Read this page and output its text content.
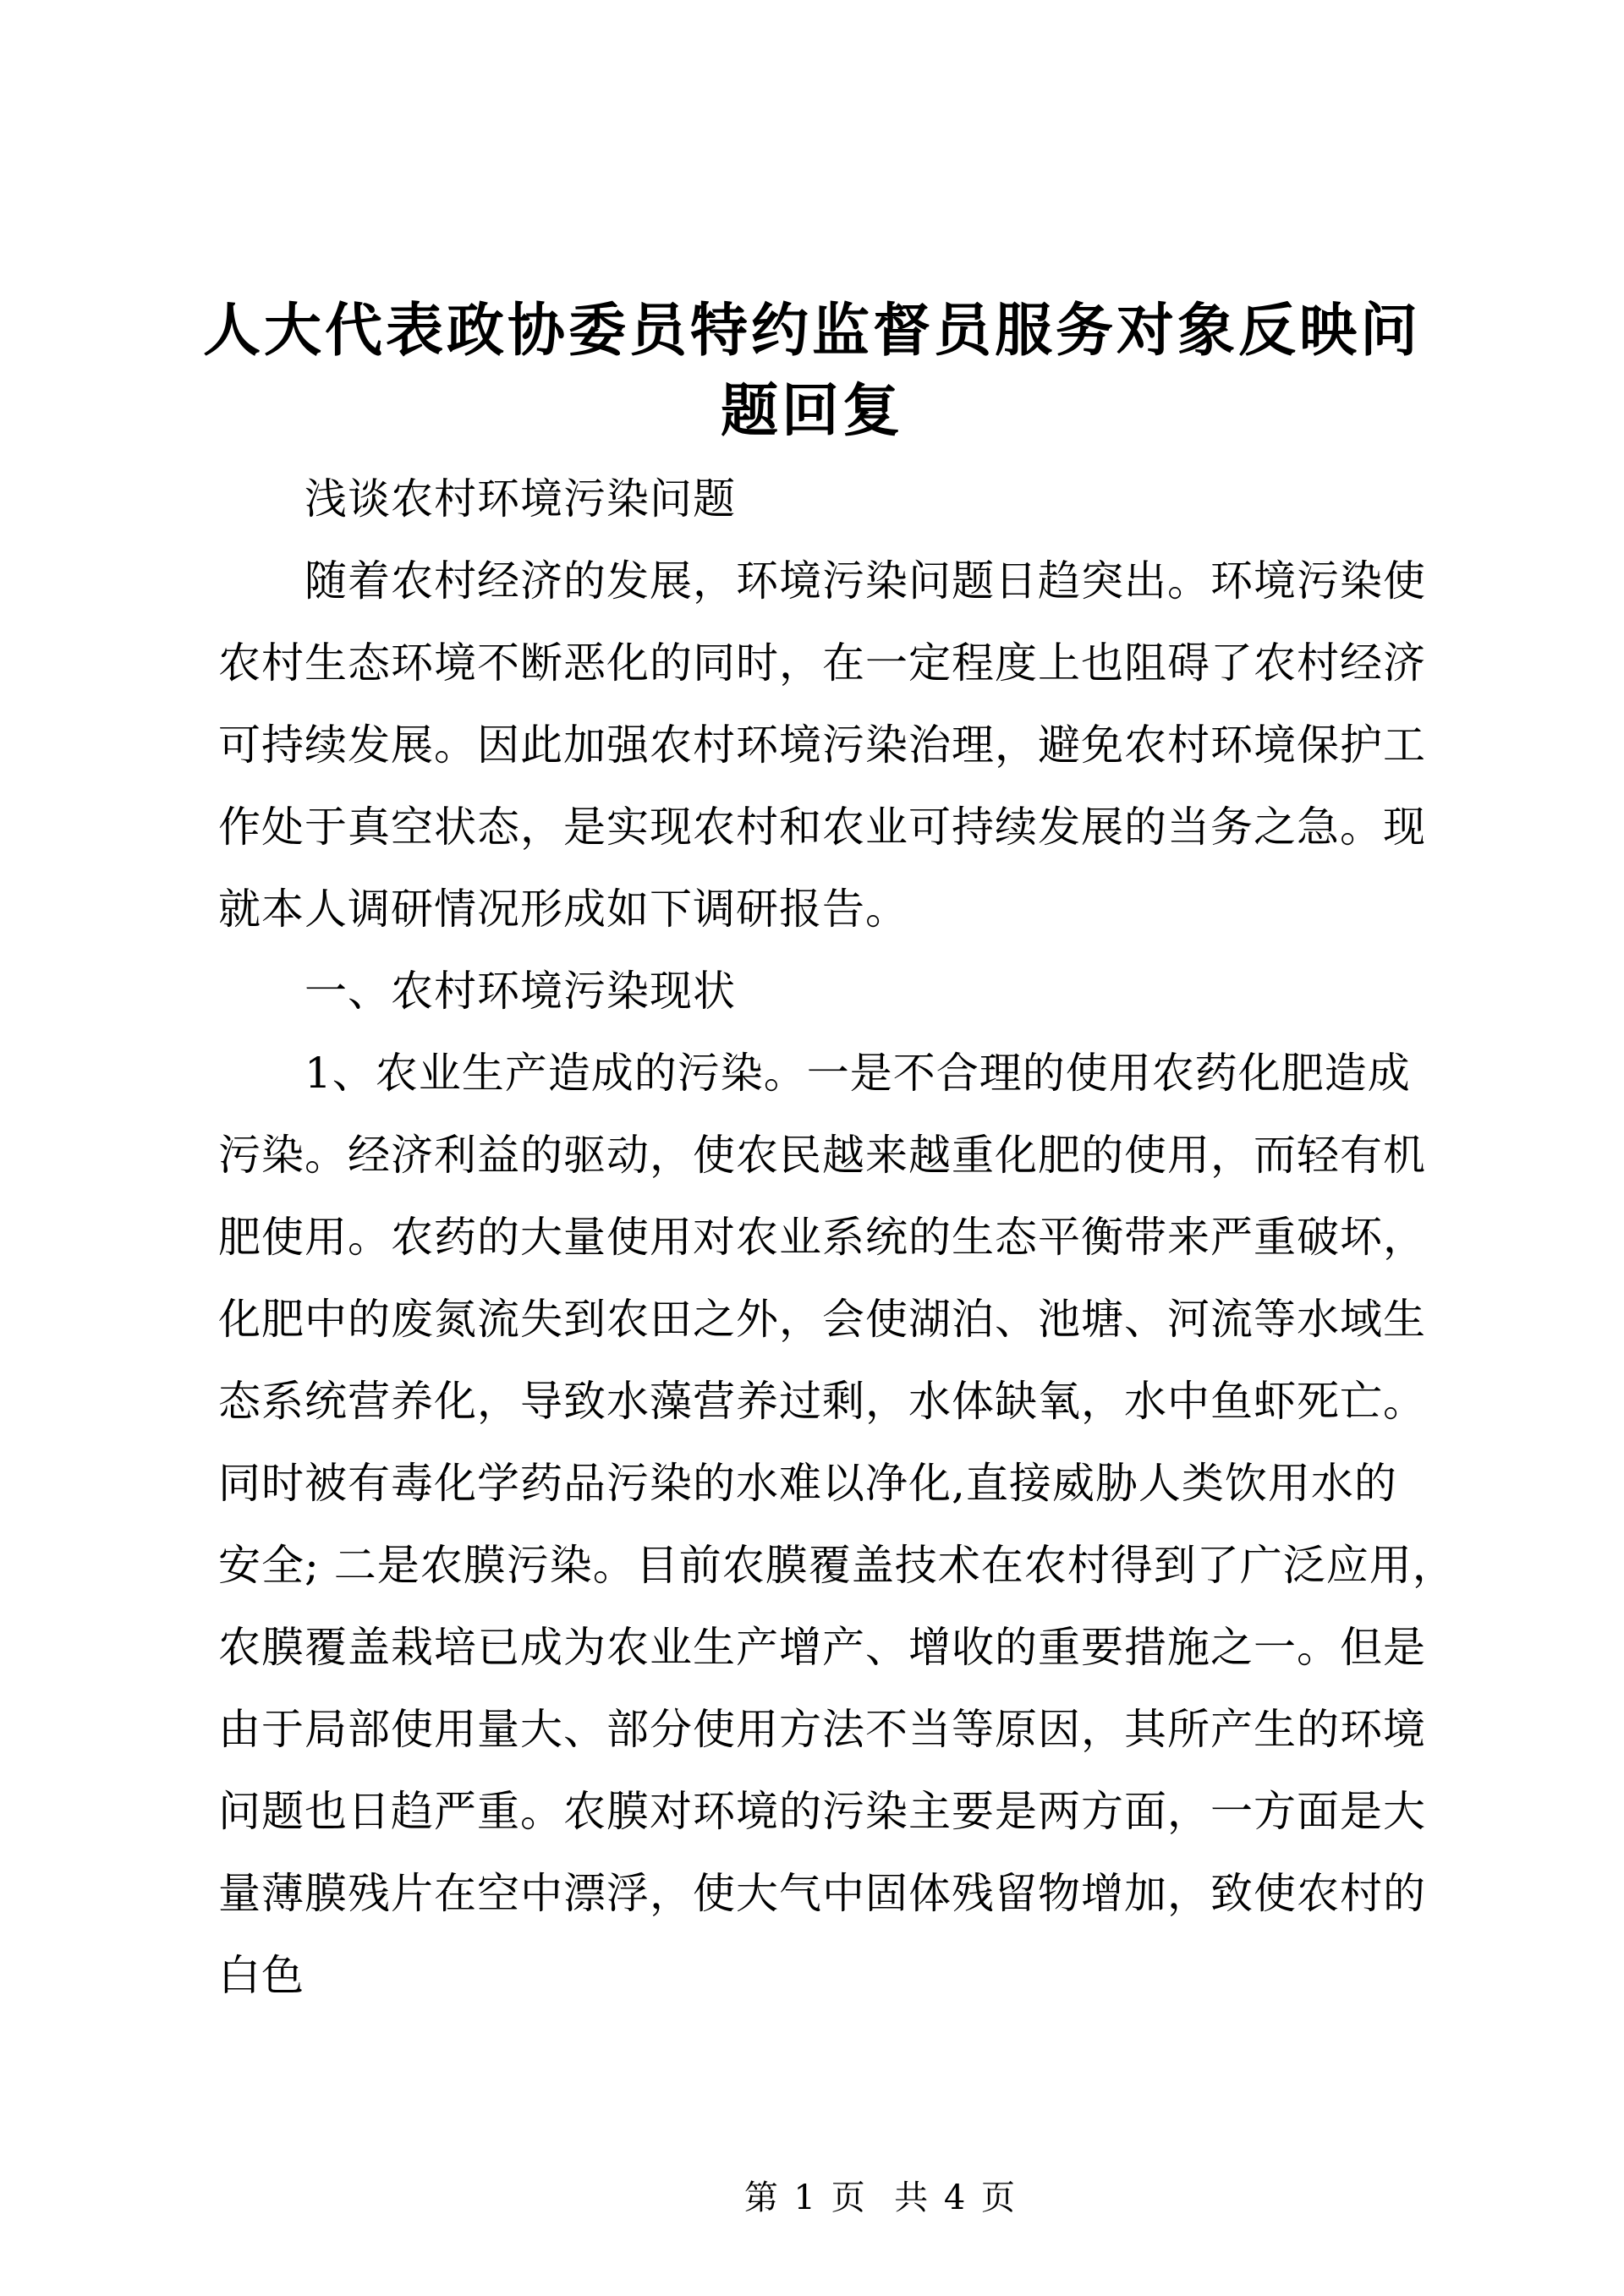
人大代表政协委员特约监督员服务对象反映问
题回复
浅谈农村环境污染问题
随着农村经济的发展，环境污染问题日趋突出。环境污染使
农村生态环境不断恶化的同时，在一定程度上也阻碍了农村经济
可持续发展。因此加强农村环境污染治理，避免农村环境保护工
作处于真空状态，是实现农村和农业可持续发展的当务之急。现
就本人调研情况形成如下调研报告。
一、农村环境污染现状
1、农业生产造成的污染。一是不合理的使用农药化肥造成
污染。经济利益的驱动，使农民越来越重化肥的使用，而轻有机
肥使用。农药的大量使用对农业系统的生态平衡带来严重破坏，
化肥中的废氮流失到农田之外，会使湖泊、池塘、河流等水域生
态系统营养化，导致水藻营养过剩，水体缺氧，水中鱼虾死亡。
同时被有毒化学药品污染的水难以净化,直接威胁人类饮用水的
安全; 二是农膜污染。目前农膜覆盖技术在农村得到了广泛应用，
农膜覆盖栽培已成为农业生产增产、增收的重要措施之一。但是
由于局部使用量大、部分使用方法不当等原因，其所产生的环境
问题也日趋严重。农膜对环境的污染主要是两方面，一方面是大
量薄膜残片在空中漂浮，使大气中固体残留物增加，致使农村的
白色

第 1 页  共 4 页
